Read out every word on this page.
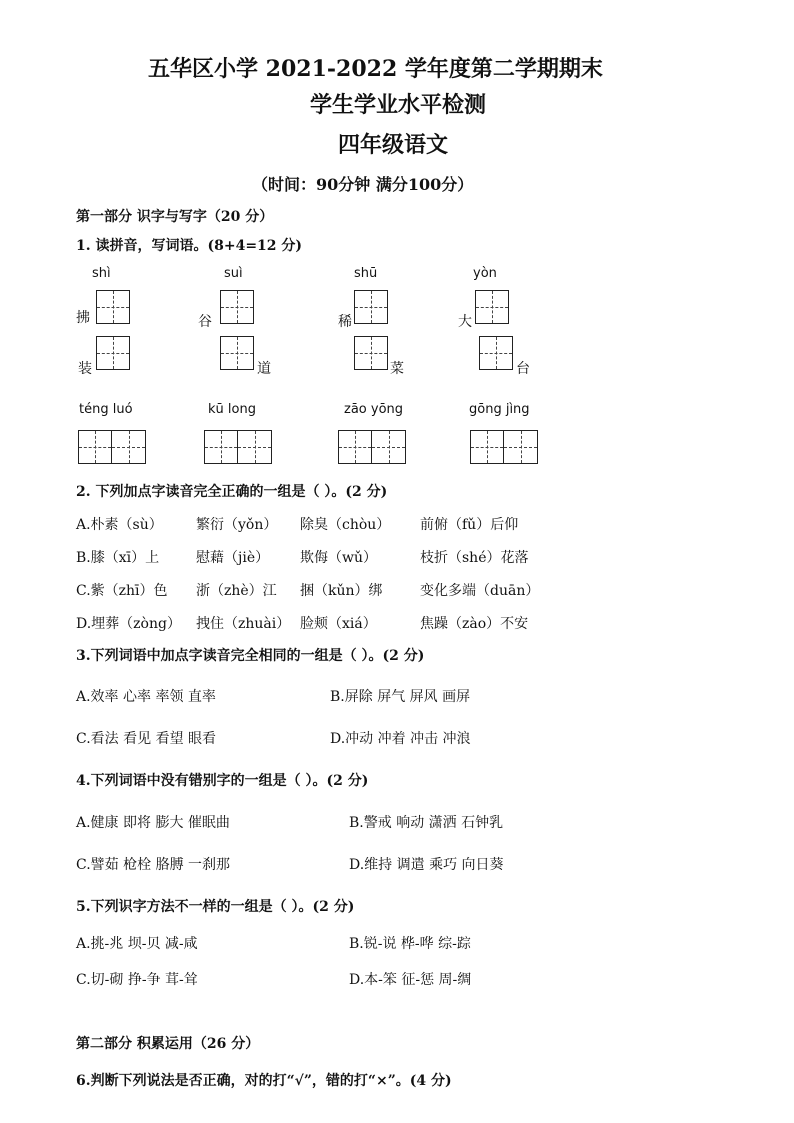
五华区小学 2021-2022 学年度第二学期期末
学生学业水平检测
四年级语文
（时间：90分钟 满分100分）
第一部分 识字与写字（20 分）
1. 读拼音，写词语。(8+4=12 分)
shì	suì	shū	yòn
拂	谷	稀	大
装	道	菜	台
téng luó	kū long	zāo yōng	gōng jìng
2. 下列加点字读音完全正确的一组是（ ）。(2 分)
A.朴素（sù） 繁衍（yǒn） 除臭（chòu） 前俯（fǔ）后仰
B.膝（xī）上	慰藉（jiè） 欺侮（wǔ）	枝折（shé）花落
C.紫（zhī）色 浙（zhè）江 捆（kǔn）绑	变化多端（duān）
D.埋葬（zòng） 拽住（zhuài） 脸颊（xiá）	焦躁（zào）不安
3.下列词语中加点字读音完全相同的一组是（ ）。(2 分)
A.效率 心率 率领 直率	B.屏除 屏气 屏风 画屏
C.看法 看见 看望 眼看	D.冲动 冲着 冲击 冲浪
4.下列词语中没有错别字的一组是（ ）。(2 分)
A.健康 即将 膨大 催眠曲	B.警戒 响动 潇洒 石钟乳
C.譬茹 枪栓 胳膊 一刹那	D.维持 调遣 乘巧 向日葵
5.下列识字方法不一样的一组是（ ）。(2 分)
A.挑-兆 坝-贝 减-咸	B.锐-说 桦-哗 综-踪
C.切-砌 挣-争 茸-耸	D.本-笨 征-惩 周-绸
第二部分 积累运用（26 分）
6.判断下列说法是否正确，对的打“√”，错的打“×”。(4 分)
